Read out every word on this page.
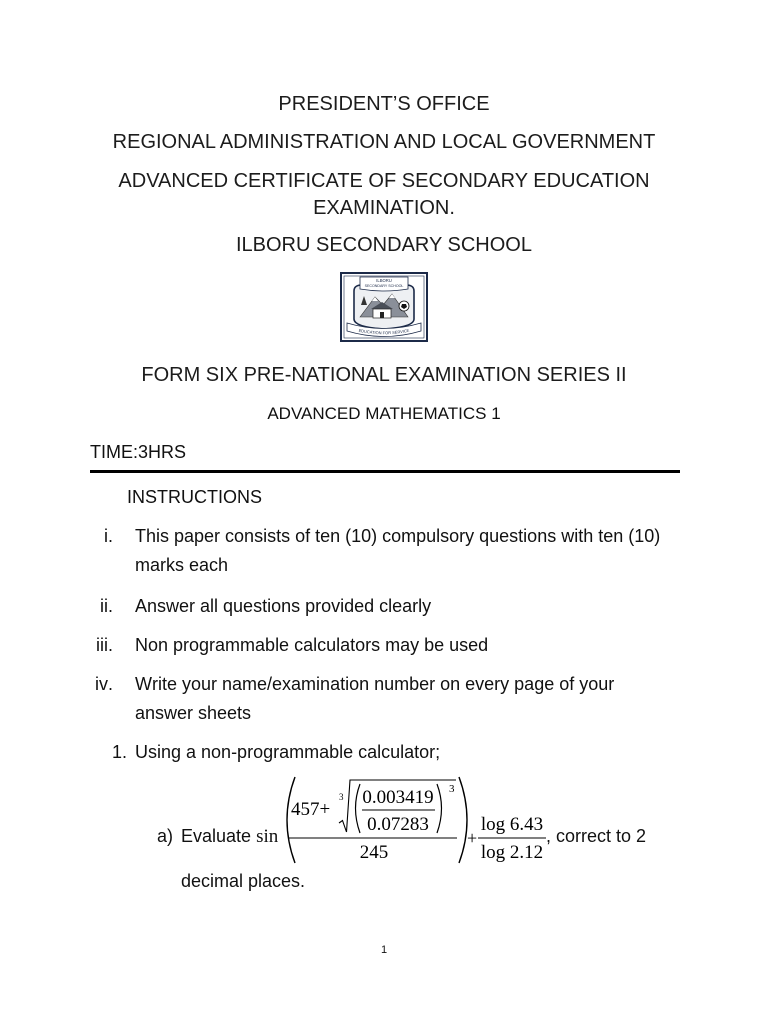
PRESIDENT’S OFFICE
REGIONAL ADMINISTRATION AND LOCAL GOVERNMENT
ADVANCED CERTIFICATE OF SECONDARY EDUCATION EXAMINATION.
ILBORU SECONDARY SCHOOL
ILBORU
SECONDARY SCHOOL
EDUCATION FOR SERVICE
FORM SIX PRE-NATIONAL EXAMINATION SERIES II
ADVANCED MATHEMATICS 1
TIME:3HRS
INSTRUCTIONS
i. This paper consists of ten (10) compulsory questions with ten (10) marks each
ii. Answer all questions provided clearly
iii. Non programmable calculators may be used
iv. Write your name/examination number on every page of your answer sheets
1. Using a non-programmable calculator;
a) Evaluate sin	, correct to 2
457+
3 0.003419
0.07283
3
245
+
log 6.43
log 2.12
decimal places.
1
